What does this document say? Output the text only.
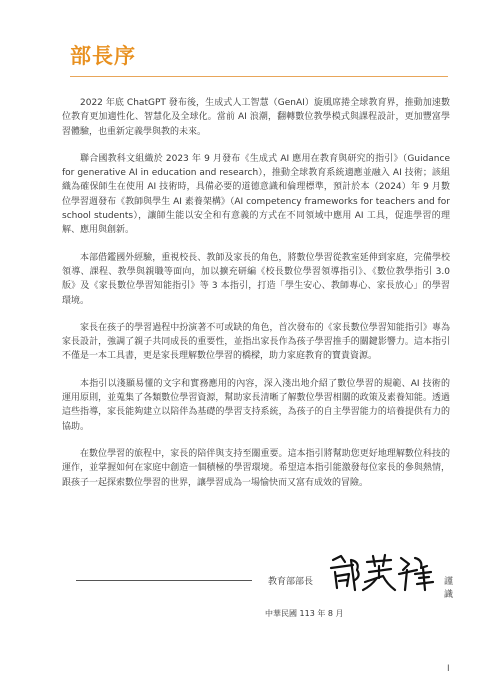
部長序

2022 年底 ChatGPT 發布後，生成式人工智慧（GenAI）旋風席捲全球教育界，推動加速數位教育更加適性化、智慧化及全球化。當前 AI 浪潮，翻轉數位教學模式與課程設計，更加豐富學習體驗，也重新定義學與教的未來。

聯合國教科文組織於 2023 年 9 月發布《生成式 AI 應用在教育與研究的指引》（Guidance for generative AI in education and research），推動全球教育系統適應並融入 AI 技術；該組織為確保師生在使用 AI 技術時，具備必要的道德意識和倫理標準，預計於本（2024）年 9 月數位學習週發布《教師與學生 AI 素養架構》（AI competency frameworks for teachers and for school students），讓師生能以安全和有意義的方式在不同領域中應用 AI 工具，促進學習的理解、應用與創新。

本部借鑑國外經驗，重視校長、教師及家長的角色，將數位學習從教室延伸到家庭，完備學校領導、課程、教學與親職等面向，加以擴充研編《校長數位學習領導指引》、《數位教學指引 3.0 版》及《家長數位學習知能指引》等 3 本指引，打造「學生安心、教師專心、家長放心」的學習環境。

家長在孩子的學習過程中扮演著不可或缺的角色，首次發布的《家長數位學習知能指引》專為家長設計，強調了親子共同成長的重要性，並指出家長作為孩子學習推手的關鍵影響力。這本指引不僅是一本工具書，更是家長理解數位學習的橋樑，助力家庭教育的寶貴資源。

本指引以淺顯易懂的文字和實務應用的內容，深入淺出地介紹了數位學習的規範、AI 技術的運用原則，並蒐集了各類數位學習資源，幫助家長清晰了解數位學習相關的政策及素養知能。透過這些指導，家長能夠建立以陪伴為基礎的學習支持系統，為孩子的自主學習能力的培養提供有力的協助。

在數位學習的旅程中，家長的陪伴與支持至關重要。這本指引將幫助您更好地理解數位科技的運作，並掌握如何在家庭中創造一個積極的學習環境。希望這本指引能激發每位家長的參與熱情，跟孩子一起探索數位學習的世界，讓學習成為一場愉快而又富有成效的冒險。

教育部部長	謹識
中華民國 113 年 8 月
I
